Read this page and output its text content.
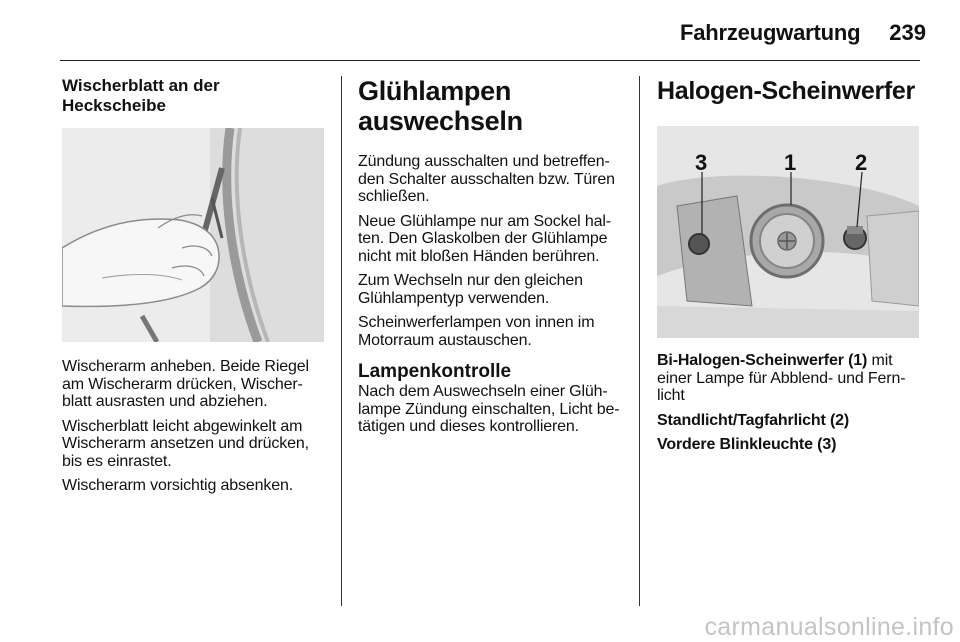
Fahrzeugwartung	239
Wischerblatt an der
Heckscheibe

Wischerarm anheben. Beide Riegel
am Wischerarm drücken, Wischer-
blatt ausrasten und abziehen.

Wischerblatt leicht abgewinkelt am
Wischerarm ansetzen und drücken,
bis es einrastet.

Wischerarm vorsichtig absenken.

Glühlampen
auswechseln

Zündung ausschalten und betreffen-
den Schalter ausschalten bzw. Türen
schließen.

Neue Glühlampe nur am Sockel hal-
ten. Den Glaskolben der Glühlampe
nicht mit bloßen Händen berühren.

Zum Wechseln nur den gleichen
Glühlampentyp verwenden.

Scheinwerferlampen von innen im
Motorraum austauschen.

Lampenkontrolle

Nach dem Auswechseln einer Glüh-
lampe Zündung einschalten, Licht be-
tätigen und dieses kontrollieren.

Halogen-Scheinwerfer
3	1	2

Bi-Halogen-Scheinwerfer (1) mit
einer Lampe für Abblend- und Fern-
licht

Standlicht/Tagfahrlicht (2)

Vordere Blinkleuchte (3)

carmanualsonline.info
